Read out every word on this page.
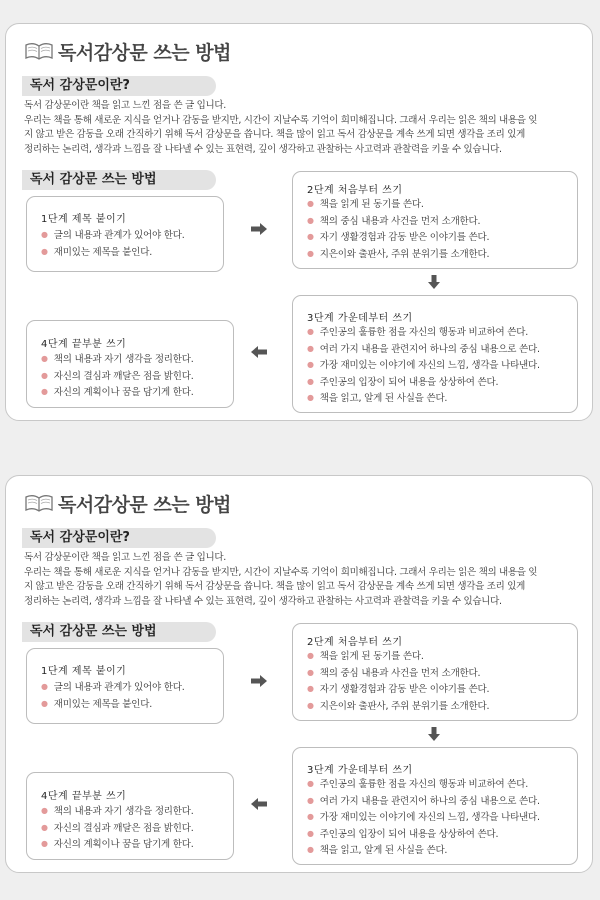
독서감상문 쓰는 방법
독서 감상문이란?

독서 감상문이란 책을 읽고 느낀 점을 쓴 글 입니다.

우리는 책을 통해 새로운 지식을 얻거나 감동을 받지만, 시간이 지날수록 기억이 희미해집니다. 그래서 우리는 읽은 책의 내용을 잊

지 않고 받은 감동을 오래 간직하기 위해 독서 감상문을 씁니다. 책을 많이 읽고 독서 감상문을 계속 쓰게 되면 생각을 조리 있게

정리하는 논리력, 생각과 느낌을 잘 나타낼 수 있는 표현력, 깊이 생각하고 관찰하는 사고력과 관찰력을 키울 수 있습니다.

독서 감상문 쓰는 방법
1단계 제목 붙이기
● 글의 내용과 관계가 있어야 한다.
● 재미있는 제목을 붙인다.
2단계 처음부터 쓰기
● 책을 읽게 된 동기를 쓴다.
● 책의 중심 내용과 사건을 먼저 소개한다.
● 자기 생활경험과 감동 받은 이야기를 쓴다.
● 지은이와 출판사, 주위 분위기를 소개한다.
3단계 가운데부터 쓰기
● 주인공의 훌륭한 점을 자신의 행동과 비교하여 쓴다.
● 여러 가지 내용을 관련지어 하나의 중심 내용으로 쓴다.
● 가장 재미있는 이야기에 자신의 느낌, 생각을 나타낸다.
● 주인공의 입장이 되어 내용을 상상하여 쓴다.
● 책을 읽고, 알게 된 사실을 쓴다.
4단계 끝부분 쓰기
● 책의 내용과 자기 생각을 정리한다.
● 자신의 결심과 깨달은 점을 밝힌다.
● 자신의 계획이나 꿈을 담기게 한다.
독서감상문 쓰는 방법
독서 감상문이란?

독서 감상문이란 책을 읽고 느낀 점을 쓴 글 입니다.

우리는 책을 통해 새로운 지식을 얻거나 감동을 받지만, 시간이 지날수록 기억이 희미해집니다. 그래서 우리는 읽은 책의 내용을 잊

지 않고 받은 감동을 오래 간직하기 위해 독서 감상문을 씁니다. 책을 많이 읽고 독서 감상문을 계속 쓰게 되면 생각을 조리 있게

정리하는 논리력, 생각과 느낌을 잘 나타낼 수 있는 표현력, 깊이 생각하고 관찰하는 사고력과 관찰력을 키울 수 있습니다.

독서 감상문 쓰는 방법
1단계 제목 붙이기
● 글의 내용과 관계가 있어야 한다.
● 재미있는 제목을 붙인다.
2단계 처음부터 쓰기
● 책을 읽게 된 동기를 쓴다.
● 책의 중심 내용과 사건을 먼저 소개한다.
● 자기 생활경험과 감동 받은 이야기를 쓴다.
● 지은이와 출판사, 주위 분위기를 소개한다.
3단계 가운데부터 쓰기
● 주인공의 훌륭한 점을 자신의 행동과 비교하여 쓴다.
● 여러 가지 내용을 관련지어 하나의 중심 내용으로 쓴다.
● 가장 재미있는 이야기에 자신의 느낌, 생각을 나타낸다.
● 주인공의 입장이 되어 내용을 상상하여 쓴다.
● 책을 읽고, 알게 된 사실을 쓴다.
4단계 끝부분 쓰기
● 책의 내용과 자기 생각을 정리한다.
● 자신의 결심과 깨달은 점을 밝힌다.
● 자신의 계획이나 꿈을 담기게 한다.
